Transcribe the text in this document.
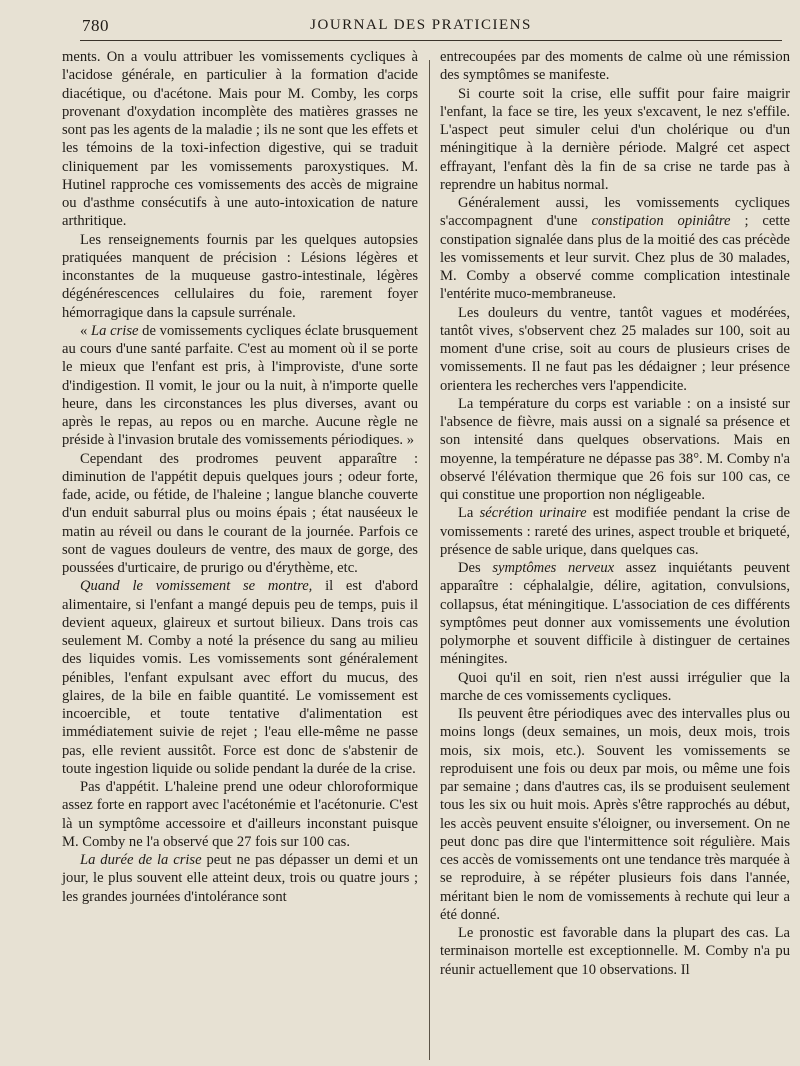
780	JOURNAL DES PRATICIENS

ments. On a voulu attribuer les vomissements cycliques à l'acidose générale, en particulier à la formation d'acide diacétique, ou d'acétone. Mais pour M. Comby, les corps provenant d'oxydation incomplète des matières grasses ne sont pas les agents de la maladie ; ils ne sont que les effets et les témoins de la toxi-infection digestive, qui se traduit cliniquement par les vomissements paroxystiques. M. Hutinel rapproche ces vomissements des accès de migraine ou d'asthme consécutifs à une auto-intoxication de nature arthritique.

Les renseignements fournis par les quelques autopsies pratiquées manquent de précision : Lésions légères et inconstantes de la muqueuse gastro-intestinale, légères dégénérescences cellulaires du foie, rarement foyer hémorragique dans la capsule surrénale.

« La crise de vomissements cycliques éclate brusquement au cours d'une santé parfaite. C'est au moment où il se porte le mieux que l'enfant est pris, à l'improviste, d'une sorte d'indigestion. Il vomit, le jour ou la nuit, à n'importe quelle heure, dans les circonstances les plus diverses, avant ou après le repas, au repos ou en marche. Aucune règle ne préside à l'invasion brutale des vomissements périodiques. »

Cependant des prodromes peuvent apparaître : diminution de l'appétit depuis quelques jours ; odeur forte, fade, acide, ou fétide, de l'haleine ; langue blanche couverte d'un enduit saburral plus ou moins épais ; état nauséeux le matin au réveil ou dans le courant de la journée. Parfois ce sont de vagues douleurs de ventre, des maux de gorge, des poussées d'urticaire, de prurigo ou d'érythème, etc.

Quand le vomissement se montre, il est d'abord alimentaire, si l'enfant a mangé depuis peu de temps, puis il devient aqueux, glaireux et surtout bilieux. Dans trois cas seulement M. Comby a noté la présence du sang au milieu des liquides vomis. Les vomissements sont généralement pénibles, l'enfant expulsant avec effort du mucus, des glaires, de la bile en faible quantité. Le vomissement est incoercible, et toute tentative d'alimentation est immédiatement suivie de rejet ; l'eau elle-même ne passe pas, elle revient aussitôt. Force est donc de s'abstenir de toute ingestion liquide ou solide pendant la durée de la crise.

Pas d'appétit. L'haleine prend une odeur chloroformique assez forte en rapport avec l'acétonémie et l'acétonurie. C'est là un symptôme accessoire et d'ailleurs inconstant puisque M. Comby ne l'a observé que 27 fois sur 100 cas.

La durée de la crise peut ne pas dépasser un demi et un jour, le plus souvent elle atteint deux, trois ou quatre jours ; les grandes journées d'intolérance sont

entrecoupées par des moments de calme où une rémission des symptômes se manifeste.

Si courte soit la crise, elle suffit pour faire maigrir l'enfant, la face se tire, les yeux s'excavent, le nez s'effile. L'aspect peut simuler celui d'un cholérique ou d'un méningitique à la dernière période. Malgré cet aspect effrayant, l'enfant dès la fin de sa crise ne tarde pas à reprendre un habitus normal.

Généralement aussi, les vomissements cycliques s'accompagnent d'une constipation opiniâtre ; cette constipation signalée dans plus de la moitié des cas précède les vomissements et leur survit. Chez plus de 30 malades, M. Comby a observé comme complication intestinale l'entérite muco-membraneuse.

Les douleurs du ventre, tantôt vagues et modérées, tantôt vives, s'observent chez 25 malades sur 100, soit au moment d'une crise, soit au cours de plusieurs crises de vomissements. Il ne faut pas les dédaigner ; leur présence orientera les recherches vers l'appendicite.

La température du corps est variable : on a insisté sur l'absence de fièvre, mais aussi on a signalé sa présence et son intensité dans quelques observations. Mais en moyenne, la température ne dépasse pas 38°. M. Comby n'a observé l'élévation thermique que 26 fois sur 100 cas, ce qui constitue une proportion non négligeable.

La sécrétion urinaire est modifiée pendant la crise de vomissements : rareté des urines, aspect trouble et briqueté, présence de sable urique, dans quelques cas.

Des symptômes nerveux assez inquiétants peuvent apparaître : céphalalgie, délire, agitation, convulsions, collapsus, état méningitique. L'association de ces différents symptômes peut donner aux vomissements une évolution polymorphe et souvent difficile à distinguer de certaines méningites.

Quoi qu'il en soit, rien n'est aussi irrégulier que la marche de ces vomissements cycliques.

Ils peuvent être périodiques avec des intervalles plus ou moins longs (deux semaines, un mois, deux mois, trois mois, six mois, etc.). Souvent les vomissements se reproduisent une fois ou deux par mois, ou même une fois par semaine ; dans d'autres cas, ils se produisent seulement tous les six ou huit mois. Après s'être rapprochés au début, les accès peuvent ensuite s'éloigner, ou inversement. On ne peut donc pas dire que l'intermittence soit régulière. Mais ces accès de vomissements ont une tendance très marquée à se reproduire, à se répéter plusieurs fois dans l'année, méritant bien le nom de vomissements à rechute qui leur a été donné.

Le pronostic est favorable dans la plupart des cas. La terminaison mortelle est exceptionnelle. M. Comby n'a pu réunir actuellement que 10 observations. Il
